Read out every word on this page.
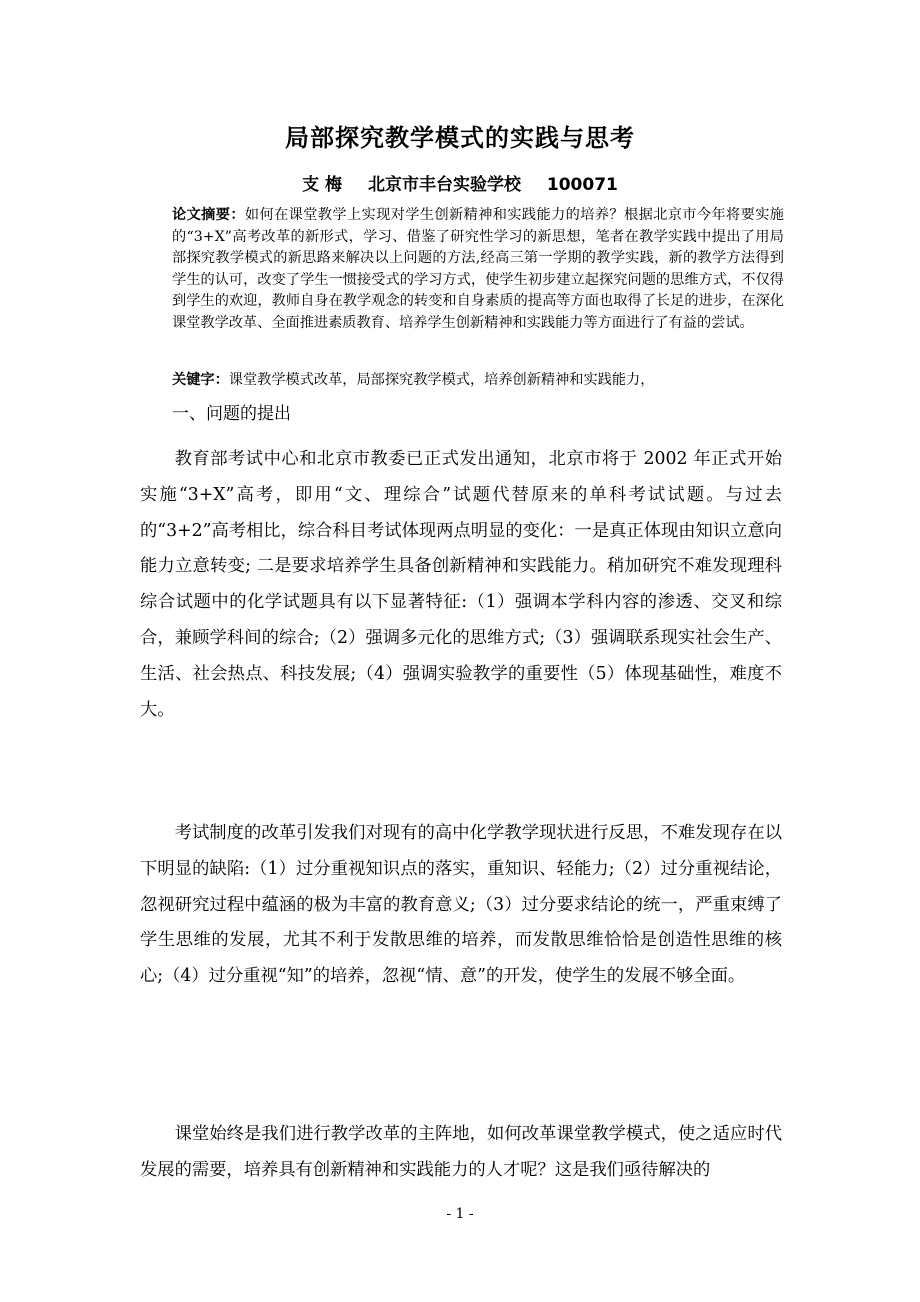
局部探究教学模式的实践与思考
支 梅 北京市丰台实验学校 100071
论文摘要：如何在课堂教学上实现对学生创新精神和实践能力的培养？根据北京市今年将要实施的“3+X”高考改革的新形式，学习、借鉴了研究性学习的新思想，笔者在教学实践中提出了用局部探究教学模式的新思路来解决以上问题的方法,经高三第一学期的教学实践，新的教学方法得到学生的认可，改变了学生一惯接受式的学习方式，使学生初步建立起探究问题的思维方式，不仅得到学生的欢迎，教师自身在教学观念的转变和自身素质的提高等方面也取得了长足的进步，在深化课堂教学改革、全面推进素质教育、培养学生创新精神和实践能力等方面进行了有益的尝试。
关键字：课堂教学模式改革，局部探究教学模式，培养创新精神和实践能力，
一、问题的提出

教育部考试中心和北京市教委已正式发出通知，北京市将于 2002 年正式开始实施“3+X”高考，即用“文、理综合”试题代替原来的单科考试试题。与过去的“3+2”高考相比，综合科目考试体现两点明显的变化：一是真正体现由知识立意向能力立意转变; 二是要求培养学生具备创新精神和实践能力。稍加研究不难发现理科综合试题中的化学试题具有以下显著特征:（1）强调本学科内容的渗透、交叉和综合，兼顾学科间的综合;（2）强调多元化的思维方式;（3）强调联系现实社会生产、生活、社会热点、科技发展;（4）强调实验教学的重要性（5）体现基础性，难度不大。

考试制度的改革引发我们对现有的高中化学教学现状进行反思，不难发现存在以下明显的缺陷:（1）过分重视知识点的落实，重知识、轻能力;（2）过分重视结论，忽视研究过程中蕴涵的极为丰富的教育意义;（3）过分要求结论的统一，严重束缚了学生思维的发展，尤其不利于发散思维的培养，而发散思维恰恰是创造性思维的核心;（4）过分重视“知”的培养，忽视“情、意”的开发，使学生的发展不够全面。

课堂始终是我们进行教学改革的主阵地，如何改革课堂教学模式，使之适应时代发展的需要，培养具有创新精神和实践能力的人才呢？这是我们亟待解决的

- 1 -
